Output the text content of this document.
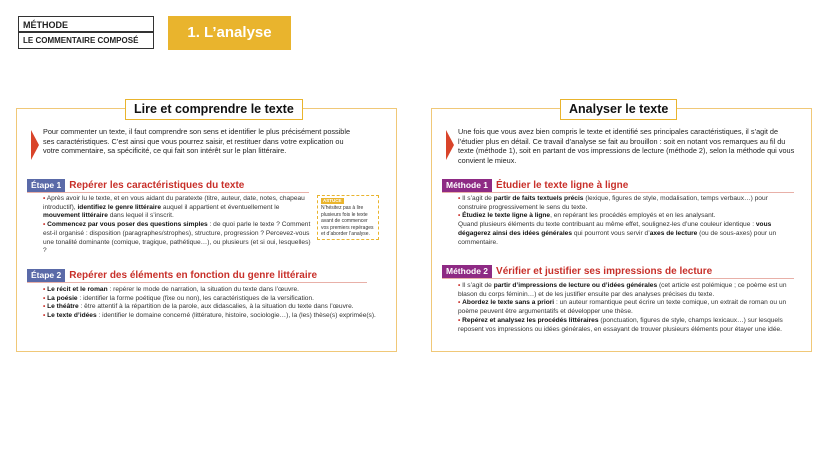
MÉTHODE
LE COMMENTAIRE COMPOSÉ	1. L’analyse
Lire et comprendre le texte
Pour commenter un texte, il faut comprendre son sens et identifier le plus précisément possible ses caractéristiques. C’est ainsi que vous pourrez saisir, et restituer dans votre explication ou votre commentaire, sa spécificité, ce qui fait son intérêt sur le plan littéraire.
Étape 1 Repérer les caractéristiques du texte

• Après avoir lu le texte, et en vous aidant du paratexte (titre, auteur, date, notes, chapeau introductif), identifiez le genre littéraire auquel il appartient et éventuellement le mouvement littéraire dans lequel il s’inscrit.

• Commencez par vous poser des questions simples : de quoi parle le texte ? Comment est-il organisé : disposition (paragraphes/strophes), structure, progression ? Percevez-vous une tonalité dominante (comique, tragique, pathétique…), ou plusieurs (et si oui, lesquelles) ?

ASTUCE
N’hésitez pas à lire plusieurs fois le texte avant de commencer vos premiers repérages et d’aborder l’analyse.
Étape 2 Repérer des éléments en fonction du genre littéraire

• Le récit et le roman : repérer le mode de narration, la situation du texte dans l’œuvre.

• La poésie : identifier la forme poétique (fixe ou non), les caractéristiques de la versification.

• Le théâtre : être attentif à la répartition de la parole, aux didascalies, à la situation du texte dans l’œuvre.

• Le texte d’idées : identifier le domaine concerné (littérature, histoire, sociologie…), la (les) thèse(s) exprimée(s).

Analyser le texte
Une fois que vous avez bien compris le texte et identifié ses principales caractéristiques, il s’agit de l’étudier plus en détail. Ce travail d’analyse se fait au brouillon : soit en notant vos remarques au fil du texte (méthode 1), soit en partant de vos impressions de lecture (méthode 2), selon la méthode qui vous convient le mieux.
Méthode 1 Étudier le texte ligne à ligne

• Il s’agit de partir de faits textuels précis (lexique, figures de style, modalisation, temps verbaux…) pour construire progressivement le sens du texte.

• Étudiez le texte ligne à ligne, en repérant les procédés employés et en les analysant.

Quand plusieurs éléments du texte contribuant au même effet, soulignez-les d’une couleur identique : vous dégagerez ainsi des idées générales qui pourront vous servir d’axes de lecture (ou de sous-axes) pour un commentaire.

Méthode 2 Vérifier et justifier ses impressions de lecture

• Il s’agit de partir d’impressions de lecture ou d’idées générales (cet article est polémique ; ce poème est un blason du corps féminin…) et de les justifier ensuite par des analyses précises du texte.

• Abordez le texte sans a priori : un auteur romantique peut écrire un texte comique, un extrait de roman ou un poème peuvent être argumentatifs et développer une thèse.

• Repérez et analysez les procédés littéraires (ponctuation, figures de style, champs lexicaux…) sur lesquels reposent vos impressions ou idées générales, en essayant de trouver plusieurs éléments pour étayer une idée.
